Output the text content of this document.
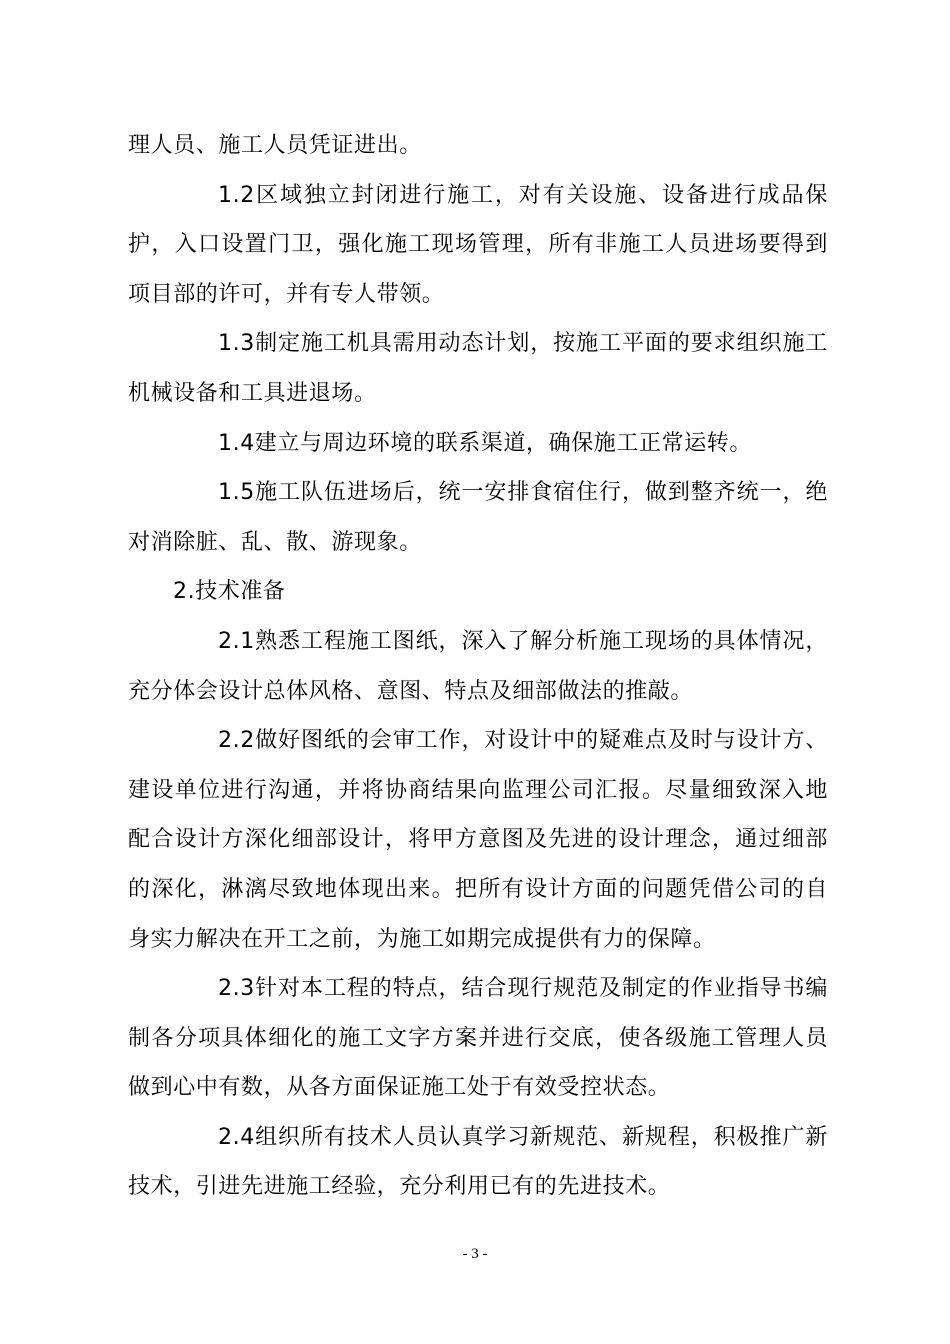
理人员、施工人员凭证进出。

1.2区域独立封闭进行施工，对有关设施、设备进行成品保护，入口设置门卫，强化施工现场管理，所有非施工人员进场要得到项目部的许可，并有专人带领。

1.3制定施工机具需用动态计划，按施工平面的要求组织施工机械设备和工具进退场。

1.4建立与周边环境的联系渠道，确保施工正常运转。

1.5施工队伍进场后，统一安排食宿住行，做到整齐统一，绝对消除脏、乱、散、游现象。

2.技术准备

2.1熟悉工程施工图纸，深入了解分析施工现场的具体情况，充分体会设计总体风格、意图、特点及细部做法的推敲。

2.2做好图纸的会审工作，对设计中的疑难点及时与设计方、建设单位进行沟通，并将协商结果向监理公司汇报。尽量细致深入地配合设计方深化细部设计，将甲方意图及先进的设计理念，通过细部的深化，淋漓尽致地体现出来。把所有设计方面的问题凭借公司的自身实力解决在开工之前，为施工如期完成提供有力的保障。

2.3针对本工程的特点，结合现行规范及制定的作业指导书编制各分项具体细化的施工文字方案并进行交底，使各级施工管理人员做到心中有数，从各方面保证施工处于有效受控状态。

2.4组织所有技术人员认真学习新规范、新规程，积极推广新技术，引进先进施工经验，充分利用已有的先进技术。

- 3 -
